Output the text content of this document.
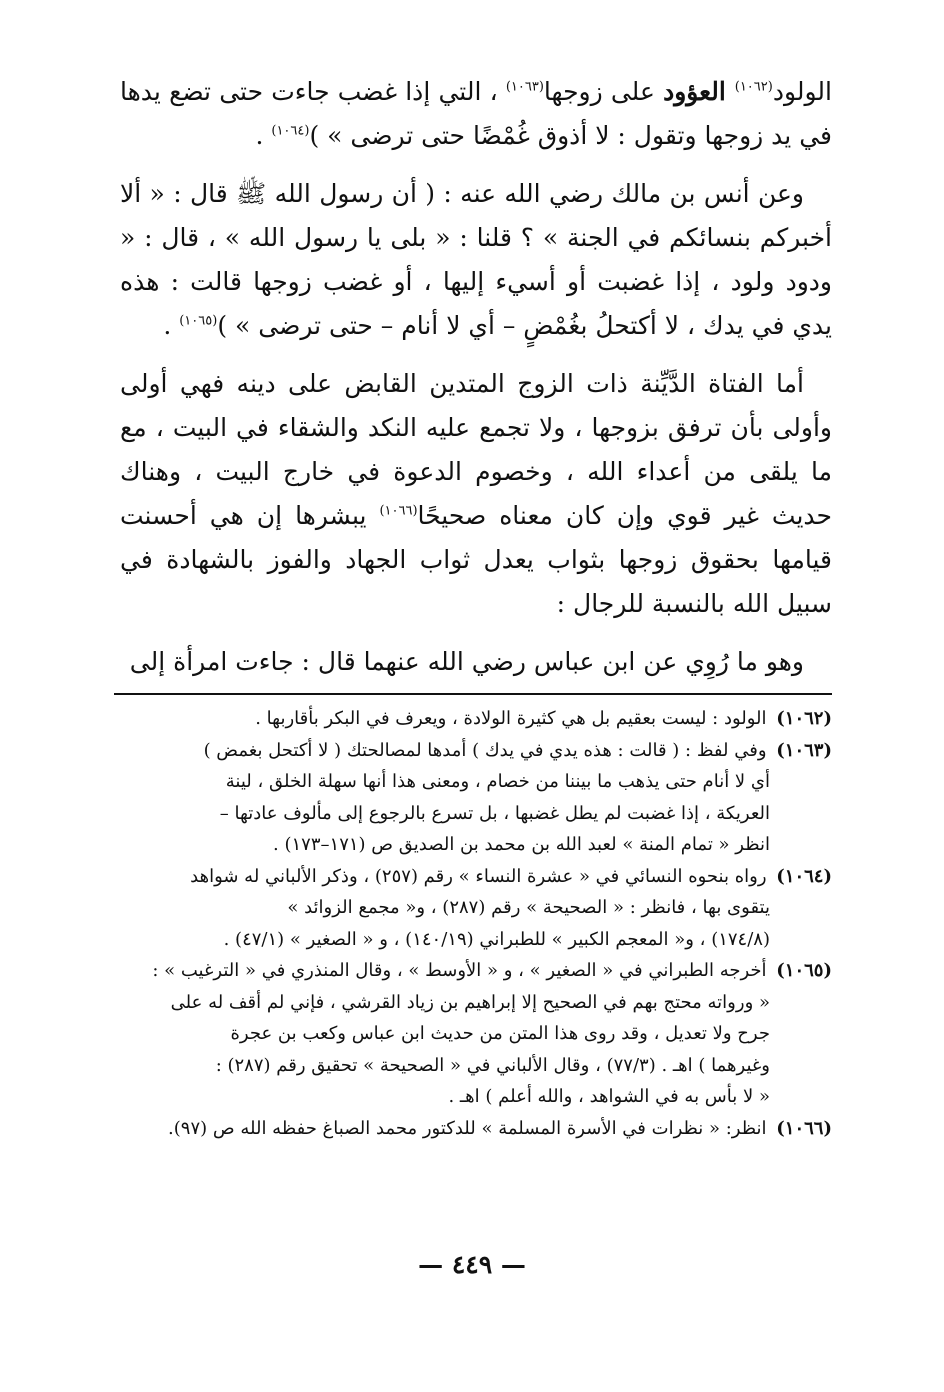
الولود$^{(١٠٦٢)}$ العؤود على زوجها$^{(١٠٦٣)}$ ، التي إذا غضب جاءت حتى تضع يدها في يد زوجها وتقول : لا أذوق غُمْضًا حتى ترضى » )$^{(١٠٦٤)}$ .

وعن أنس بن مالك رضي الله عنه : ( أن رسول الله ﷺ قال : « ألا أخبركم بنسائكم في الجنة » ؟ قلنا : « بلى يا رسول الله » ، قال : « ودود ولود ، إذا غضبت أو أسيء إليها ، أو غضب زوجها قالت : هذه يدي في يدك ، لا أكتحلُ بغُمْضٍ – أي لا أنام – حتى ترضى » )$^{(١٠٦٥)}$ .

أما الفتاة الدَّيِّنة ذات الزوج المتدين القابض على دينه فهي أولى وأولى بأن ترفق بزوجها ، ولا تجمع عليه النكد والشقاء في البيت ، مع ما يلقى من أعداء الله ، وخصوم الدعوة في خارج البيت ، وهناك حديث غير قوي وإن كان معناه صحيحًا$^{(١٠٦٦)}$ يبشرها إن هي أحسنت قيامها بحقوق زوجها بثواب يعدل ثواب الجهاد والفوز بالشهادة في سبيل الله بالنسبة للرجال :

وهو ما رُوِي عن ابن عباس رضي الله عنهما قال : جاءت امرأة إلى

(١٠٦٢) الولود : ليست بعقيم بل هي كثيرة الولادة ، ويعرف في البكر بأقاربها .

(١٠٦٣) وفي لفظ : ( قالت : هذه يدي في يدك ) أمدها لمصالحتك ( لا أكتحل بغمض )

أي لا أنام حتى يذهب ما بيننا من خصام ، ومعنى هذا أنها سهلة الخلق ، لينة

العريكة ، إذا غضبت لم يطل غضبها ، بل تسرع بالرجوع إلى مألوف عادتها –

انظر « تمام المنة » لعبد الله بن محمد بن الصديق ص (١٧١–١٧٣) .

(١٠٦٤) رواه بنحوه النسائي في « عشرة النساء » رقم (٢٥٧) ، وذكر الألباني له شواهد

يتقوى بها ، فانظر : « الصحيحة » رقم (٢٨٧) ، و« مجمع الزوائد »

(١٧٤/٨) ، و« المعجم الكبير » للطبراني (١٤٠/١٩) ، و « الصغير » (٤٧/١) .

(١٠٦٥) أخرجه الطبراني في « الصغير » ، و « الأوسط » ، وقال المنذري في « الترغيب » :

« ورواته محتج بهم في الصحيح إلا إبراهيم بن زياد القرشي ، فإني لم أقف له على

جرح ولا تعديل ، وقد روى هذا المتن من حديث ابن عباس وكعب بن عجرة

وغيرهما ) اهـ . (٧٧/٣) ، وقال الألباني في « الصحيحة » تحقيق رقم (٢٨٧) :

« لا بأس به في الشواهد ، والله أعلم ) اهـ .

(١٠٦٦) انظر: « نظرات في الأسرة المسلمة » للدكتور محمد الصباغ حفظه الله ص (٩٧).

— ٤٤٩ —
